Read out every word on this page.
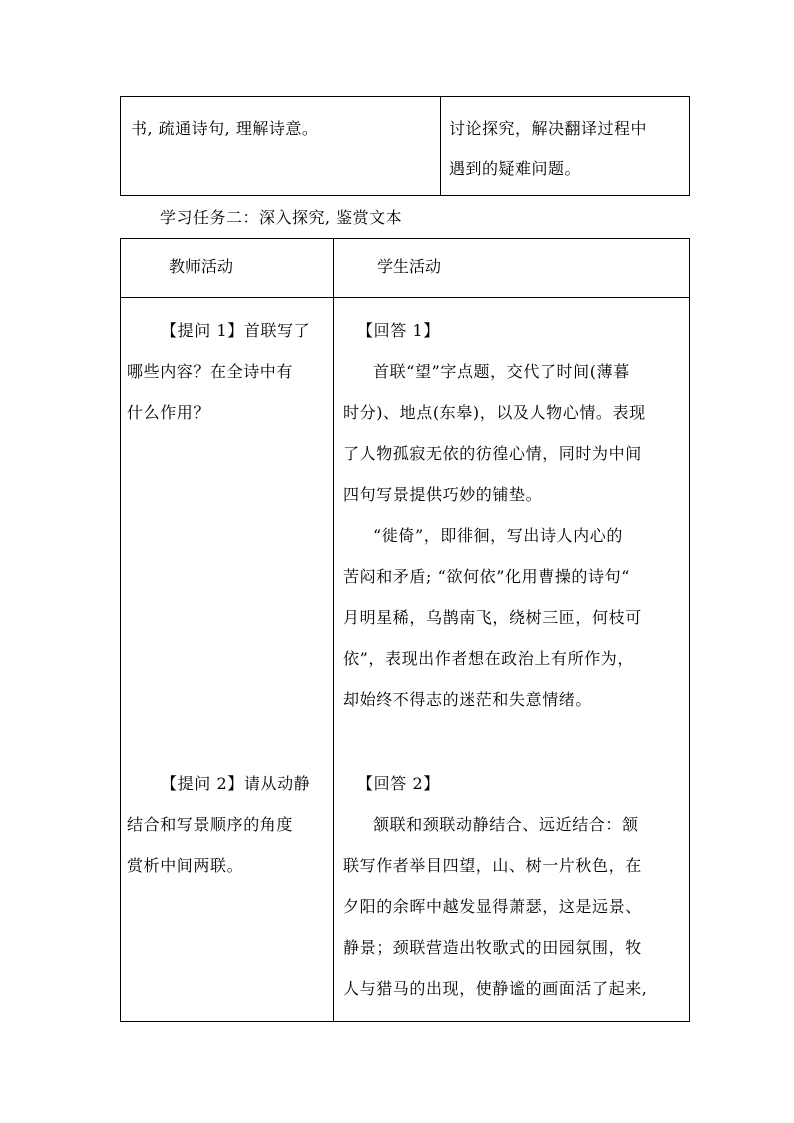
书, 疏通诗句, 理解诗意。	讨论探究，解决翻译过程中
遇到的疑难问题。
学习任务二：深入探究, 鉴赏文本
教师活动	学生活动
【提问 1】首联写了
哪些内容？在全诗中有
什么作用？
【回答 1】
首联“望”字点题，交代了时间(薄暮
时分)、地点(东皋)，以及人物心情。表现
了人物孤寂无依的彷徨心情，同时为中间
四句写景提供巧妙的铺垫。
“徙倚”，即徘徊，写出诗人内心的
苦闷和矛盾; “欲何依”化用曹操的诗句“
月明星稀，乌鹊南飞，绕树三匝，何枝可
依”，表现出作者想在政治上有所作为，
却始终不得志的迷茫和失意情绪。
【提问 2】请从动静
结合和写景顺序的角度
赏析中间两联。
【回答 2】
颔联和颈联动静结合、远近结合：颔
联写作者举目四望，山、树一片秋色，在
夕阳的余晖中越发显得萧瑟，这是远景、
静景；颈联营造出牧歌式的田园氛围，牧
人与猎马的出现，使静谧的画面活了起来,
